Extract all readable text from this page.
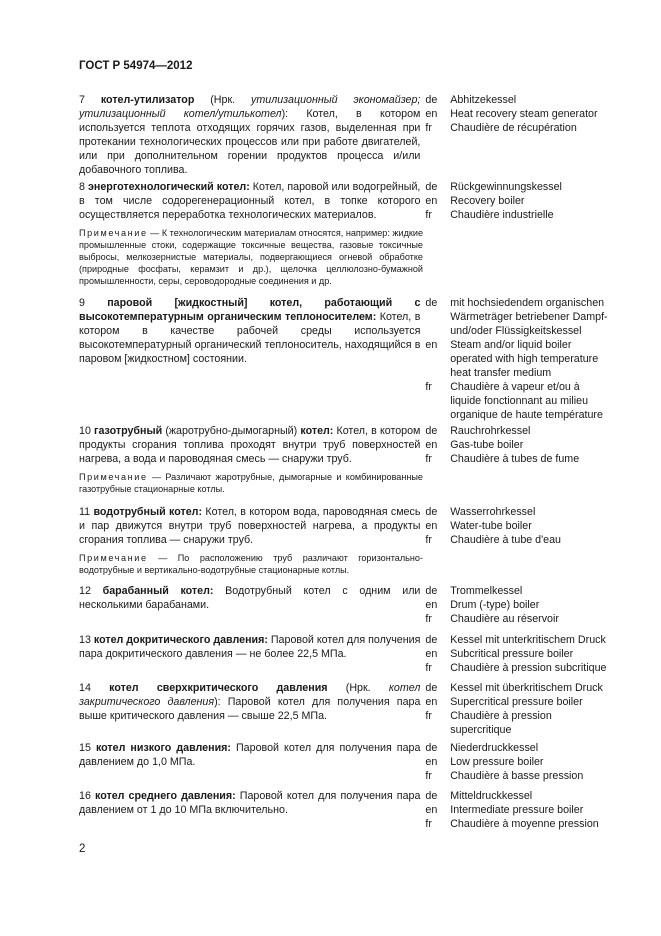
ГОСТ Р 54974—2012
7 котел-утилизатор (Нрк. утилизационный экономайзер; утилизационный котел/утилькотел): Котел, в котором используется теплота отходящих горячих газов, выделенная при протекании технологических процессов или при работе двигателей, или при дополнительном горении продуктов процесса и/или добавочного топлива.
de
en
fr
Abhitzekessel
Heat recovery steam generator
Chaudière de récupération
8 энерготехнологический котел: Котел, паровой или водогрейный, в том числе содорегенерационный котел, в топке которого осуществляется переработка технологических материалов.
de
en
fr
Rückgewinnungskessel
Recovery boiler
Chaudière industrielle
Примечание — К технологическим материалам относятся, например: жидкие промышленные стоки, содержащие токсичные вещества, газовые токсичные выбросы, мелкозернистые материалы, подвергающиеся огневой обработке (природные фосфаты, керамзит и др.), щелочка целлюлозно-бумажной промышленности, серы, сероводородные соединения и др.
9 паровой [жидкостный] котел, работающий с высокотемпературным органическим теплоносителем: Котел, в котором в качестве рабочей среды используется высокотемпературный органический теплоноситель, находящийся в паровом [жидкостном] состоянии.
de
en
fr
mit hochsiedendem organischen Wärmeträger betriebener Dampf- und/oder Flüssigkeitskessel
Steam and/or liquid boiler operated with high temperature heat transfer medium
Chaudière à vapeur et/ou à liquide fonctionnant au milieu organique de haute température
10 газотрубный (жаротрубно-дымогарный) котел: Котел, в котором продукты сгорания топлива проходят внутри труб поверхностей нагрева, а вода и пароводяная смесь — снаружи труб.
de
en
fr
Rauchrohrkessel
Gas-tube boiler
Chaudière à tubes de fume
Примечание — Различают жаротрубные, дымогарные и комбинированные газотрубные стационарные котлы.
11 водотрубный котел: Котел, в котором вода, пароводяная смесь и пар движутся внутри труб поверхностей нагрева, а продукты сгорания топлива — снаружи труб.
de
en
fr
Wasserrohrkessel
Water-tube boiler
Chaudière à tube d'eau
Примечание — По расположению труб различают горизонтально-водотрубные и вертикально-водотрубные стационарные котлы.
12 барабанный котел: Водотрубный котел с одним или несколькими барабанами.
de
en
fr
Trommelkessel
Drum (-type) boiler
Chaudière au réservoir
13 котел докритического давления: Паровой котел для получения пара докритического давления — не более 22,5 МПа.
de
en
fr
Kessel mit unterkritischem Druck
Subcritical pressure boiler
Chaudière à pression subcritique
14 котел сверхкритического давления (Нрк. котел закритического давления): Паровой котел для получения пара выше критического давления — свыше 22,5 МПа.
de
en
fr
Kessel mit überkritischem Druck
Supercritical pressure boiler
Chaudière à pression supercritique
15 котел низкого давления: Паровой котел для получения пара давлением до 1,0 МПа.
de
en
fr
Niederdruckkessel
Low pressure boiler
Chaudière à basse pression
16 котел среднего давления: Паровой котел для получения пара давлением от 1 до 10 МПа включительно.
de
en
fr
Mitteldruckkessel
Intermediate pressure boiler
Chaudière à moyenne pression
2
